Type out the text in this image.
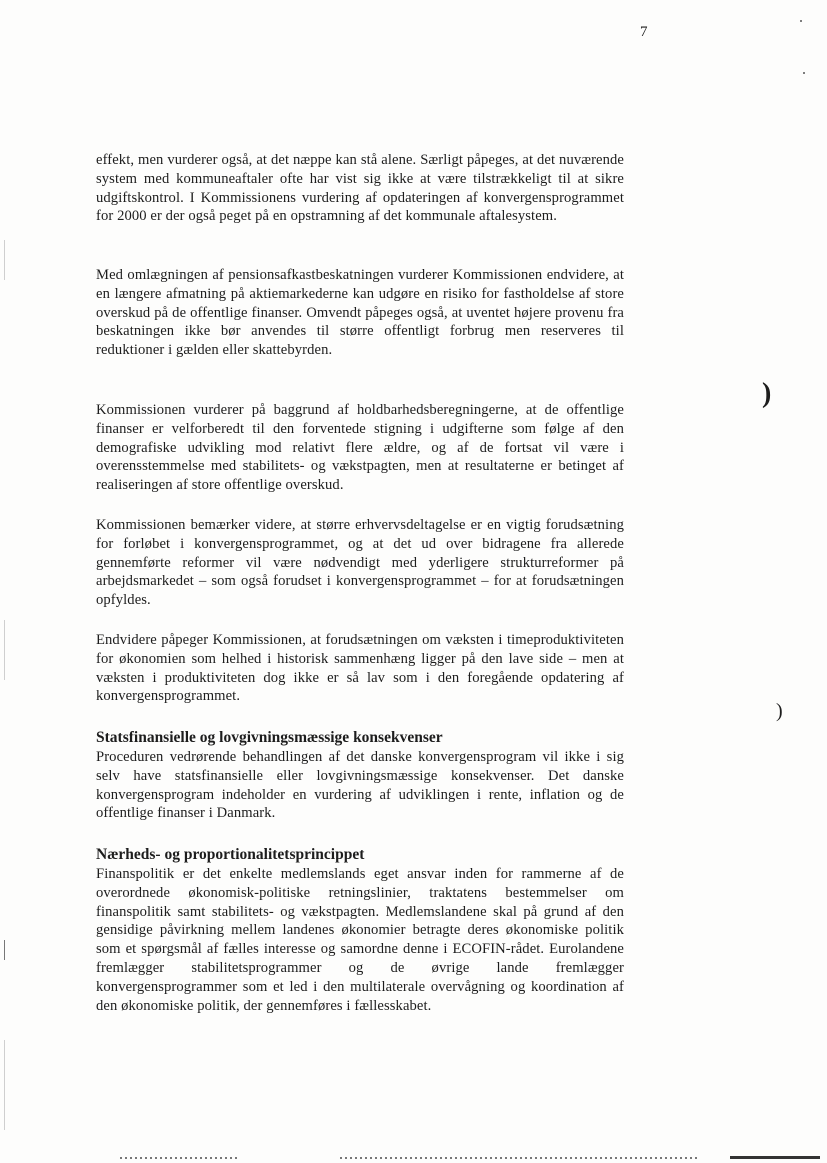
7
effekt, men vurderer også, at det næppe kan stå alene. Særligt påpeges, at det nuværende system med kommuneaftaler ofte har vist sig ikke at være tilstrækkeligt til at sikre udgiftskontrol. I Kommissionens vurdering af opdateringen af konvergensprogrammet for 2000 er der også peget på en opstramning af det kommunale aftalesystem.
Med omlægningen af pensionsafkastbeskatningen vurderer Kommissionen endvidere, at en længere afmatning på aktiemarkederne kan udgøre en risiko for fastholdelse af store overskud på de offentlige finanser. Omvendt påpeges også, at uventet højere provenu fra beskatningen ikke bør anvendes til større offentligt forbrug men reserveres til reduktioner i gælden eller skattebyrden.
Kommissionen vurderer på baggrund af holdbarhedsberegningerne, at de offentlige finanser er velforberedt til den forventede stigning i udgifterne som følge af den demografiske udvikling mod relativt flere ældre, og af de fortsat vil være i overensstemmelse med stabilitets- og vækstpagten, men at resultaterne er betinget af realiseringen af store offentlige overskud.
Kommissionen bemærker videre, at større erhvervsdeltagelse er en vigtig forudsætning for forløbet i konvergensprogrammet, og at det ud over bidragene fra allerede gennemførte reformer vil være nødvendigt med yderligere strukturreformer på arbejdsmarkedet – som også forudset i konvergensprogrammet – for at forudsætningen opfyldes.
Endvidere påpeger Kommissionen, at forudsætningen om væksten i timeproduktiviteten for økonomien som helhed i historisk sammenhæng ligger på den lave side – men at væksten i produktiviteten dog ikke er så lav som i den foregående opdatering af konvergensprogrammet.
Statsfinansielle og lovgivningsmæssige konsekvenser
Proceduren vedrørende behandlingen af det danske konvergensprogram vil ikke i sig selv have statsfinansielle eller lovgivningsmæssige konsekvenser. Det danske konvergensprogram indeholder en vurdering af udviklingen i rente, inflation og de offentlige finanser i Danmark.
Nærheds- og proportionalitetsprincippet
Finanspolitik er det enkelte medlemslands eget ansvar inden for rammerne af de overordnede økonomisk-politiske retningslinier, traktatens bestemmelser om finanspolitik samt stabilitets- og vækstpagten. Medlemslandene skal på grund af den gensidige påvirkning mellem landenes økonomier betragte deres økonomiske politik som et spørgsmål af fælles interesse og samordne denne i ECOFIN-rådet. Eurolandene fremlægger stabilitetsprogrammer og de øvrige lande fremlægger konvergensprogrammer som et led i den multilaterale overvågning og koordination af den økonomiske politik, der gennemføres i fællesskabet.
)
)
